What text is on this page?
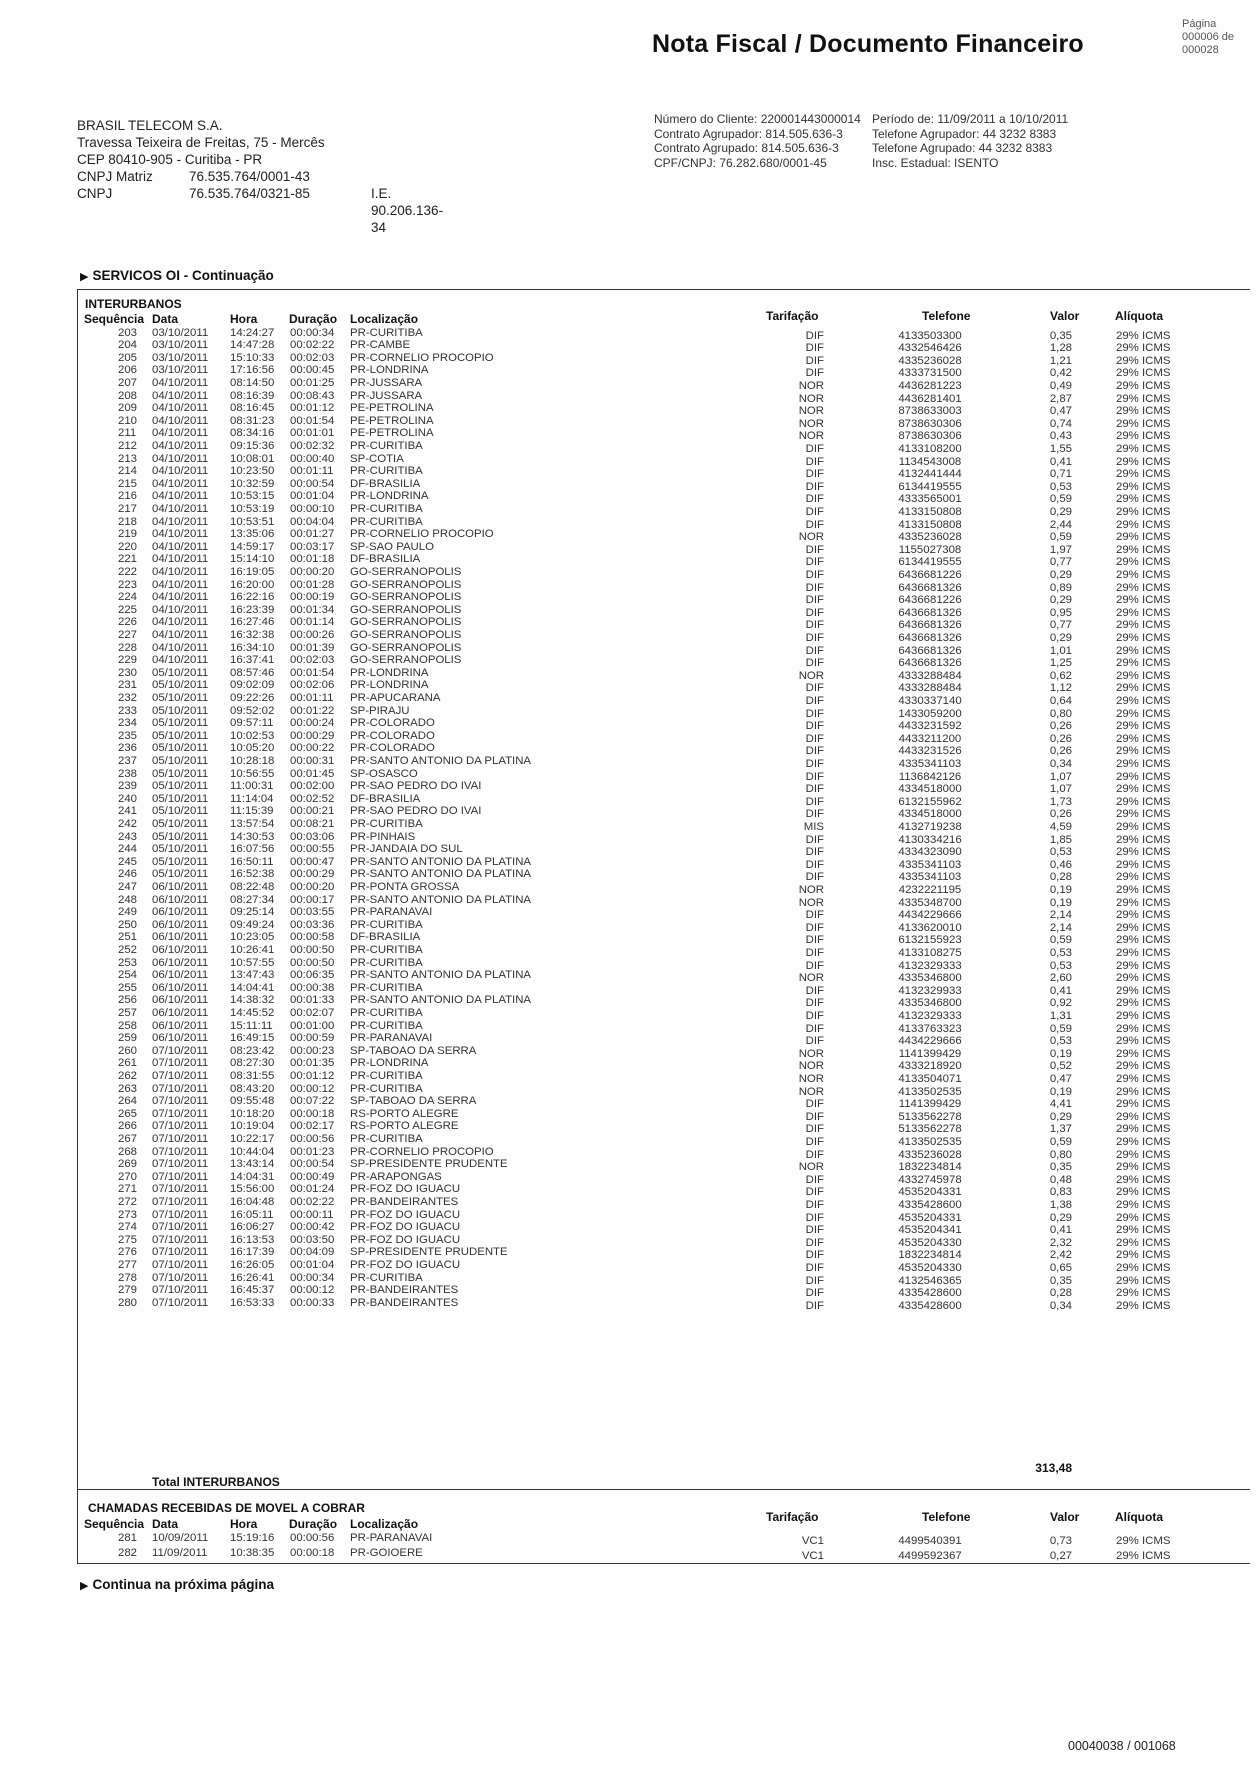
Nota Fiscal / Documento Financeiro
Página
000006 de
000028
BRASIL TELECOM S.A.
Travessa Teixeira de Freitas, 75 - Mercês
CEP 80410-905 - Curitiba - PR
CNPJ Matriz	76.535.764/0001-43
CNPJ	76.535.764/0321-85	I.E. 90.206.136-34
Número do Cliente: 220001443000014
Contrato Agrupador: 814.505.636-3
Contrato Agrupado: 814.505.636-3
CPF/CNPJ: 76.282.680/0001-45
Período de: 11/09/2011 a 10/10/2011
Telefone Agrupador: 44 3232 8383
Telefone Agrupado: 44 3232 8383
Insc. Estadual: ISENTO
▶ SERVICOS OI - Continuação
INTERURBANOS
Sequência Data	Hora	Duração Localização	Tarifação	Telefone	Valor	Alíquota
203 03/10/2011 14:24:27 00:00:34 PR-CURITIBA	DIF	4133503300	0,35	29% ICMS
204 03/10/2011 14:47:28 00:02:22 PR-CAMBE	DIF	4332546426	1,28	29% ICMS
205 03/10/2011 15:10:33 00:02:03 PR-CORNELIO PROCOPIO	DIF	4335236028	1,21	29% ICMS
206 03/10/2011 17:16:56 00:00:45 PR-LONDRINA	DIF	4333731500	0,42	29% ICMS
207 04/10/2011 08:14:50 00:01:25 PR-JUSSARA	NOR	4436281223	0,49	29% ICMS
208 04/10/2011 08:16:39 00:08:43 PR-JUSSARA	NOR	4436281401	2,87	29% ICMS
209 04/10/2011 08:16:45 00:01:12 PE-PETROLINA	NOR	8738633003	0,47	29% ICMS
210 04/10/2011 08:31:23 00:01:54 PE-PETROLINA	NOR	8738630306	0,74	29% ICMS
211 04/10/2011 08:34:16 00:01:01 PE-PETROLINA	NOR	8738630306	0,43	29% ICMS
212 04/10/2011 09:15:36 00:02:32 PR-CURITIBA	DIF	4133108200	1,55	29% ICMS
213 04/10/2011 10:08:01 00:00:40 SP-COTIA	DIF	1134543008	0,41	29% ICMS
214 04/10/2011 10:23:50 00:01:11 PR-CURITIBA	DIF	4132441444	0,71	29% ICMS
215 04/10/2011 10:32:59 00:00:54 DF-BRASILIA	DIF	6134419555	0,53	29% ICMS
216 04/10/2011 10:53:15 00:01:04 PR-LONDRINA	DIF	4333565001	0,59	29% ICMS
217 04/10/2011 10:53:19 00:00:10 PR-CURITIBA	DIF	4133150808	0,29	29% ICMS
218 04/10/2011 10:53:51 00:04:04 PR-CURITIBA	DIF	4133150808	2,44	29% ICMS
219 04/10/2011 13:35:06 00:01:27 PR-CORNELIO PROCOPIO	NOR	4335236028	0,59	29% ICMS
220 04/10/2011 14:59:17 00:03:17 SP-SAO PAULO	DIF	1155027308	1,97	29% ICMS
221 04/10/2011 15:14:10 00:01:18 DF-BRASILIA	DIF	6134419555	0,77	29% ICMS
222 04/10/2011 16:19:05 00:00:20 GO-SERRANOPOLIS	DIF	6436681226	0,29	29% ICMS
223 04/10/2011 16:20:00 00:01:28 GO-SERRANOPOLIS	DIF	6436681326	0,89	29% ICMS
224 04/10/2011 16:22:16 00:00:19 GO-SERRANOPOLIS	DIF	6436681226	0,29	29% ICMS
225 04/10/2011 16:23:39 00:01:34 GO-SERRANOPOLIS	DIF	6436681326	0,95	29% ICMS
226 04/10/2011 16:27:46 00:01:14 GO-SERRANOPOLIS	DIF	6436681326	0,77	29% ICMS
227 04/10/2011 16:32:38 00:00:26 GO-SERRANOPOLIS	DIF	6436681326	0,29	29% ICMS
228 04/10/2011 16:34:10 00:01:39 GO-SERRANOPOLIS	DIF	6436681326	1,01	29% ICMS
229 04/10/2011 16:37:41 00:02:03 GO-SERRANOPOLIS	DIF	6436681326	1,25	29% ICMS
230 05/10/2011 08:57:46 00:01:54 PR-LONDRINA	NOR	4333288484	0,62	29% ICMS
231 05/10/2011 09:02:09 00:02:06 PR-LONDRINA	DIF	4333288484	1,12	29% ICMS
232 05/10/2011 09:22:26 00:01:11 PR-APUCARANA	DIF	4330337140	0,64	29% ICMS
233 05/10/2011 09:52:02 00:01:22 SP-PIRAJU	DIF	1433059200	0,80	29% ICMS
234 05/10/2011 09:57:11 00:00:24 PR-COLORADO	DIF	4433231592	0,26	29% ICMS
235 05/10/2011 10:02:53 00:00:29 PR-COLORADO	DIF	4433211200	0,26	29% ICMS
236 05/10/2011 10:05:20 00:00:22 PR-COLORADO	DIF	4433231526	0,26	29% ICMS
237 05/10/2011 10:28:18 00:00:31 PR-SANTO ANTONIO DA PLATINA	DIF	4335341103	0,34	29% ICMS
238 05/10/2011 10:56:55 00:01:45 SP-OSASCO	DIF	1136842126	1,07	29% ICMS
239 05/10/2011 11:00:31 00:02:00 PR-SAO PEDRO DO IVAI	DIF	4334518000	1,07	29% ICMS
240 05/10/2011 11:14:04 00:02:52 DF-BRASILIA	DIF	6132155962	1,73	29% ICMS
241 05/10/2011 11:15:39 00:00:21 PR-SAO PEDRO DO IVAI	DIF	4334518000	0,26	29% ICMS
242 05/10/2011 13:57:54 00:08:21 PR-CURITIBA	MIS	4132719238	4,59	29% ICMS
243 05/10/2011 14:30:53 00:03:06 PR-PINHAIS	DIF	4130334216	1,85	29% ICMS
244 05/10/2011 16:07:56 00:00:55 PR-JANDAIA DO SUL	DIF	4334323090	0,53	29% ICMS
245 05/10/2011 16:50:11 00:00:47 PR-SANTO ANTONIO DA PLATINA	DIF	4335341103	0,46	29% ICMS
246 05/10/2011 16:52:38 00:00:29 PR-SANTO ANTONIO DA PLATINA	DIF	4335341103	0,28	29% ICMS
247 06/10/2011 08:22:48 00:00:20 PR-PONTA GROSSA	NOR	4232221195	0,19	29% ICMS
248 06/10/2011 08:27:34 00:00:17 PR-SANTO ANTONIO DA PLATINA	NOR	4335348700	0,19	29% ICMS
249 06/10/2011 09:25:14 00:03:55 PR-PARANAVAI	DIF	4434229666	2,14	29% ICMS
250 06/10/2011 09:49:24 00:03:36 PR-CURITIBA	DIF	4133620010	2,14	29% ICMS
251 06/10/2011 10:23:05 00:00:58 DF-BRASILIA	DIF	6132155923	0,59	29% ICMS
252 06/10/2011 10:26:41 00:00:50 PR-CURITIBA	DIF	4133108275	0,53	29% ICMS
253 06/10/2011 10:57:55 00:00:50 PR-CURITIBA	DIF	4132329333	0,53	29% ICMS
254 06/10/2011 13:47:43 00:06:35 PR-SANTO ANTONIO DA PLATINA	NOR	4335346800	2,60	29% ICMS
255 06/10/2011 14:04:41 00:00:38 PR-CURITIBA	DIF	4132329933	0,41	29% ICMS
256 06/10/2011 14:38:32 00:01:33 PR-SANTO ANTONIO DA PLATINA	DIF	4335346800	0,92	29% ICMS
257 06/10/2011 14:45:52 00:02:07 PR-CURITIBA	DIF	4132329333	1,31	29% ICMS
258 06/10/2011 15:11:11 00:01:00 PR-CURITIBA	DIF	4133763323	0,59	29% ICMS
259 06/10/2011 16:49:15 00:00:59 PR-PARANAVAI	DIF	4434229666	0,53	29% ICMS
260 07/10/2011 08:23:42 00:00:23 SP-TABOAO DA SERRA	NOR	1141399429	0,19	29% ICMS
261 07/10/2011 08:27:30 00:01:35 PR-LONDRINA	NOR	4333218920	0,52	29% ICMS
262 07/10/2011 08:31:55 00:01:12 PR-CURITIBA	NOR	4133504071	0,47	29% ICMS
263 07/10/2011 08:43:20 00:00:12 PR-CURITIBA	NOR	4133502535	0,19	29% ICMS
264 07/10/2011 09:55:48 00:07:22 SP-TABOAO DA SERRA	DIF	1141399429	4,41	29% ICMS
265 07/10/2011 10:18:20 00:00:18 RS-PORTO ALEGRE	DIF	5133562278	0,29	29% ICMS
266 07/10/2011 10:19:04 00:02:17 RS-PORTO ALEGRE	DIF	5133562278	1,37	29% ICMS
267 07/10/2011 10:22:17 00:00:56 PR-CURITIBA	DIF	4133502535	0,59	29% ICMS
268 07/10/2011 10:44:04 00:01:23 PR-CORNELIO PROCOPIO	DIF	4335236028	0,80	29% ICMS
269 07/10/2011 13:43:14 00:00:54 SP-PRESIDENTE PRUDENTE	NOR	1832234814	0,35	29% ICMS
270 07/10/2011 14:04:31 00:00:49 PR-ARAPONGAS	DIF	4332745978	0,48	29% ICMS
271 07/10/2011 15:56:00 00:01:24 PR-FOZ DO IGUACU	DIF	4535204331	0,83	29% ICMS
272 07/10/2011 16:04:48 00:02:22 PR-BANDEIRANTES	DIF	4335428600	1,38	29% ICMS
273 07/10/2011 16:05:11 00:00:11 PR-FOZ DO IGUACU	DIF	4535204331	0,29	29% ICMS
274 07/10/2011 16:06:27 00:00:42 PR-FOZ DO IGUACU	DIF	4535204341	0,41	29% ICMS
275 07/10/2011 16:13:53 00:03:50 PR-FOZ DO IGUACU	DIF	4535204330	2,32	29% ICMS
276 07/10/2011 16:17:39 00:04:09 SP-PRESIDENTE PRUDENTE	DIF	1832234814	2,42	29% ICMS
277 07/10/2011 16:26:05 00:01:04 PR-FOZ DO IGUACU	DIF	4535204330	0,65	29% ICMS
278 07/10/2011 16:26:41 00:00:34 PR-CURITIBA	DIF	4132546365	0,35	29% ICMS
279 07/10/2011 16:45:37 00:00:12 PR-BANDEIRANTES	DIF	4335428600	0,28	29% ICMS
280 07/10/2011 16:53:33 00:00:33 PR-BANDEIRANTES	DIF	4335428600	0,34	29% ICMS
Total INTERURBANOS
313,48
CHAMADAS RECEBIDAS DE MOVEL A COBRAR
Sequência Data	Hora	Duração Localização	Tarifação	Telefone	Valor	Alíquota
281 10/09/2011 15:19:16 00:00:56 PR-PARANAVAI	VC1	4499540391	0,73	29% ICMS
282 11/09/2011 10:38:35 00:00:18 PR-GOIOERE	VC1	4499592367	0,27	29% ICMS
▶ Continua na próxima página
00040038 / 001068
